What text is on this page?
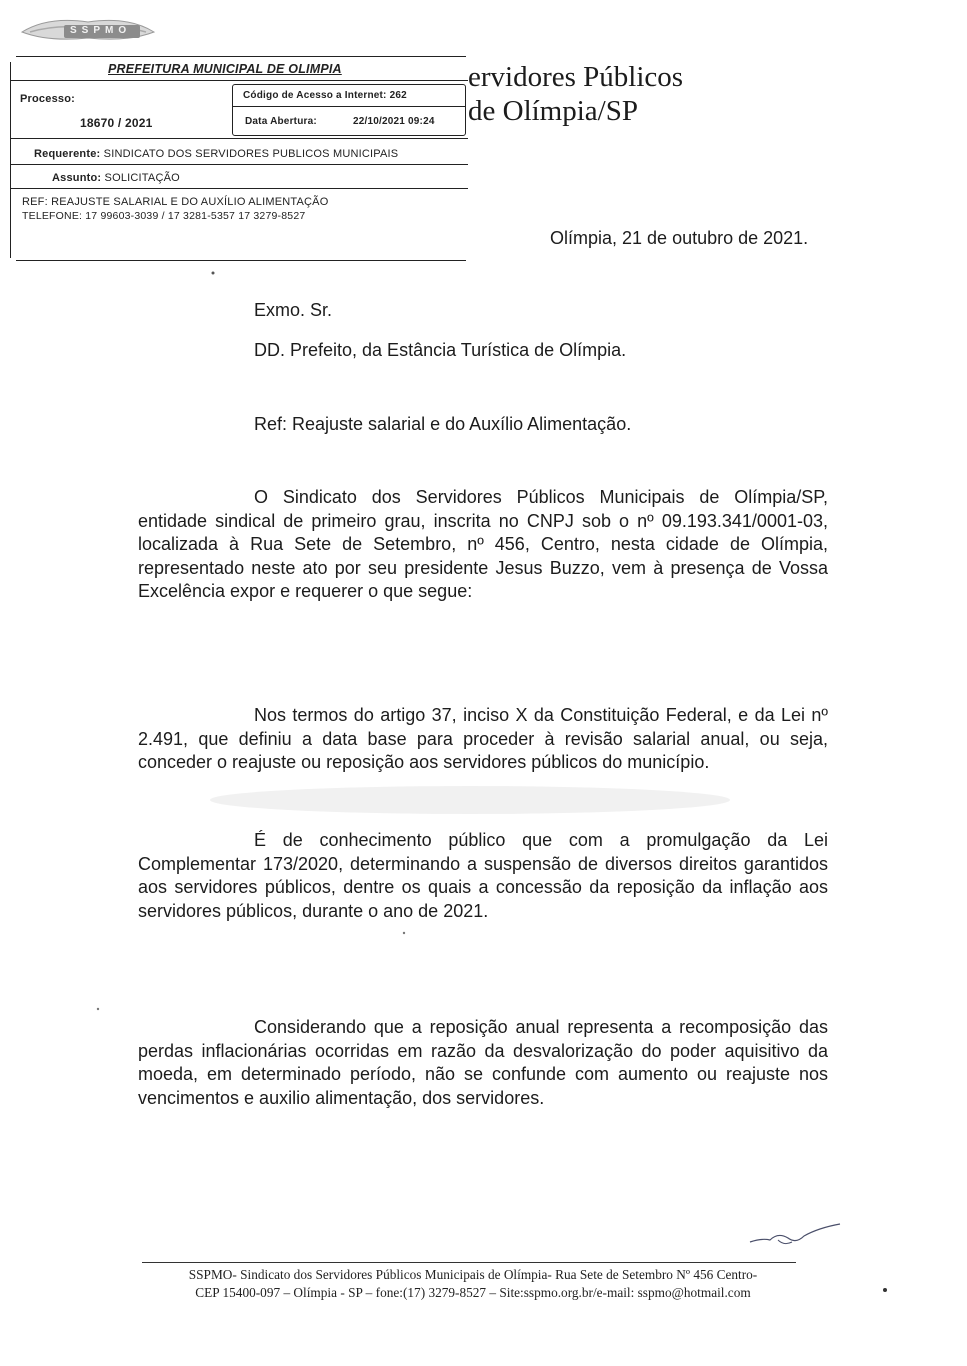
SSPMO
ervidores Públicos
de Olímpia/SP
PREFEITURA MUNICIPAL DE OLIMPIA
Processo:
18670 / 2021
Código de Acesso a Internet: 262
Data Abertura:	22/10/2021 09:24
Requerente: SINDICATO DOS SERVIDORES PUBLICOS MUNICIPAIS
Assunto: SOLICITAÇÃO
REF: REAJUSTE SALARIAL E DO AUXÍLIO ALIMENTAÇÃO
TELEFONE: 17 99603-3039 / 17 3281-5357 17 3279-8527
Olímpia, 21 de outubro de 2021.
Exmo. Sr.
DD. Prefeito, da Estância Turística de Olímpia.
Ref: Reajuste salarial e do Auxílio Alimentação.

O Sindicato dos Servidores Públicos Municipais de Olímpia/SP, entidade sindical de primeiro grau, inscrita no CNPJ sob o nº 09.193.341/0001-03, localizada à Rua Sete de Setembro, nº 456, Centro, nesta cidade de Olímpia, representado neste ato por seu presidente Jesus Buzzo, vem à presença de Vossa Excelência expor e requerer o que segue:

Nos termos do artigo 37, inciso X da Constituição Federal, e da Lei nº 2.491, que definiu a data base para proceder à revisão salarial anual, ou seja, conceder o reajuste ou reposição aos servidores públicos do município.

É de conhecimento público que com a promulgação da Lei Complementar 173/2020, determinando a suspensão de diversos direitos garantidos aos servidores públicos, dentre os quais a concessão da reposição da inflação aos servidores públicos, durante o ano de 2021.

Considerando que a reposição anual representa a recomposição das perdas inflacionárias ocorridas em razão da desvalorização do poder aquisitivo da moeda, em determinado período, não se confunde com aumento ou reajuste nos vencimentos e auxilio alimentação, dos servidores.

SSPMO- Sindicato dos Servidores Públicos Municipais de Olímpia- Rua Sete de Setembro Nº 456 Centro-
CEP 15400-097 – Olímpia - SP – fone:(17) 3279-8527 – Site:sspmo.org.br/e-mail: sspmo@hotmail.com
